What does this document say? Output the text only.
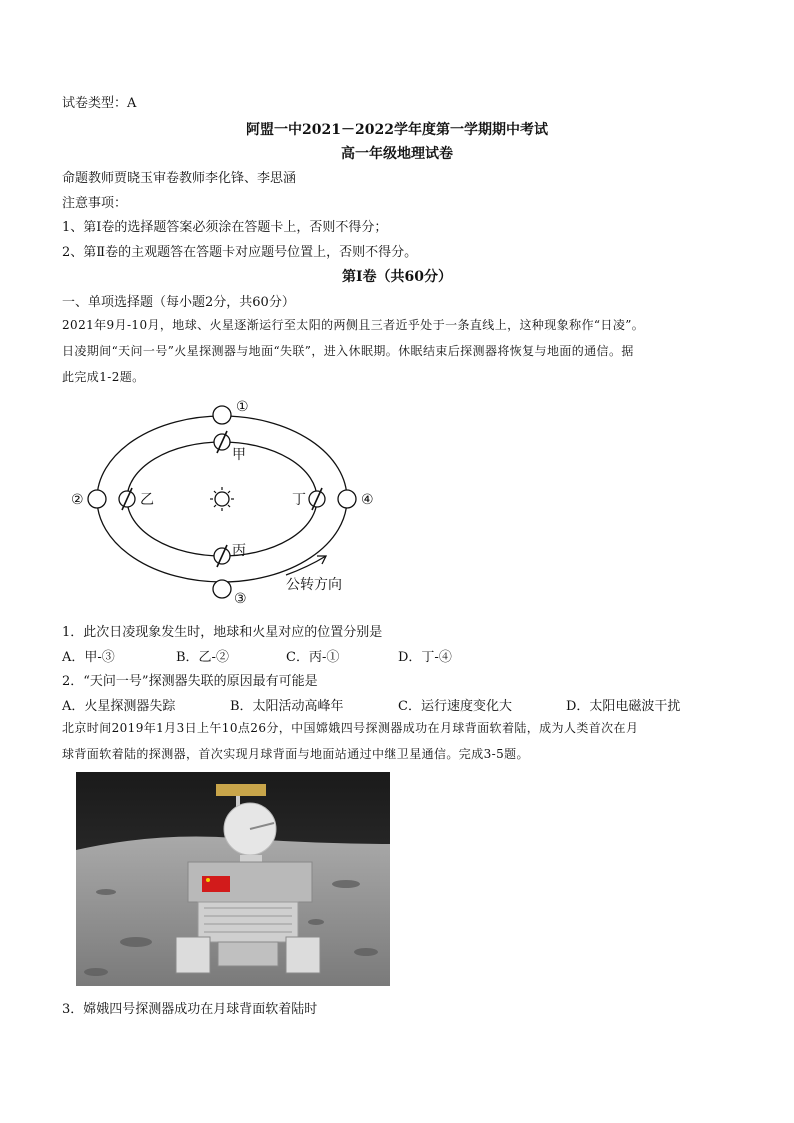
试卷类型：A
阿盟一中2021－2022学年度第一学期期中考试
高一年级地理试卷
命题教师贾晓玉审卷教师李化锋、李思涵
注意事项：
1、第Ⅰ卷的选择题答案必须涂在答题卡上，否则不得分；
2、第Ⅱ卷的主观题答在答题卡对应题号位置上，否则不得分。
第Ⅰ卷（共60分）
一、单项选择题（每小题2分，共60分）
2021年9月-10月，地球、火星逐渐运行至太阳的两侧且三者近乎处于一条直线上，这种现象称作“日凌”。
日凌期间“天问一号”火星探测器与地面“失联”，进入休眠期。休眠结束后探测器将恢复与地面的通信。据
此完成1-2题。
①
②
③
④
甲
乙
丙
丁
公转方向
1．此次日凌现象发生时，地球和火星对应的位置分别是
A．甲-③	B．乙-②	C．丙-①	D．丁-④
2．“天问一号”探测器失联的原因最有可能是
A．火星探测器失踪	B．太阳活动高峰年	C．运行速度变化大	D．太阳电磁波干扰
北京时间2019年1月3日上午10点26分，中国嫦娥四号探测器成功在月球背面软着陆，成为人类首次在月
球背面软着陆的探测器，首次实现月球背面与地面站通过中继卫星通信。完成3-5题。
3．嫦娥四号探测器成功在月球背面软着陆时
